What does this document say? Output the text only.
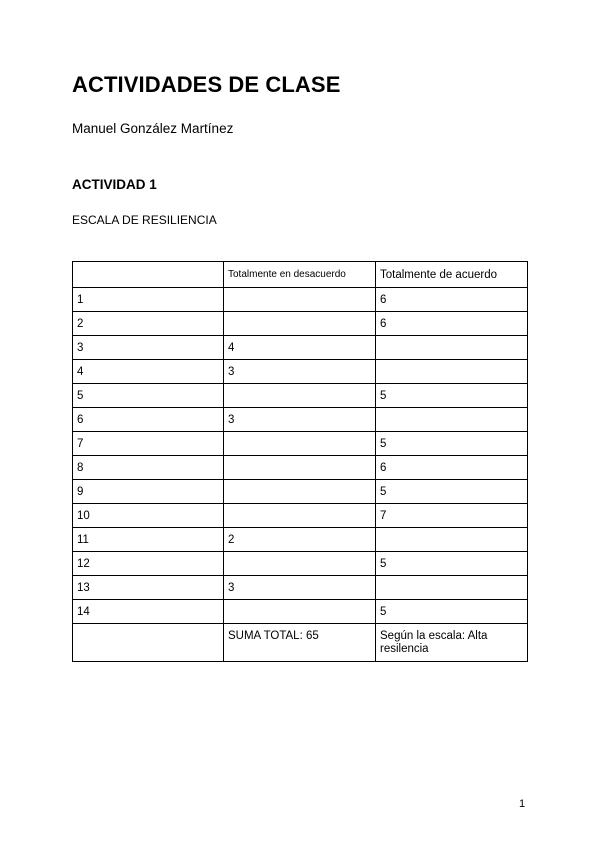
ACTIVIDADES DE CLASE

Manuel González Martínez

ACTIVIDAD 1

ESCALA DE RESILIENCIA

	Totalmente en desacuerdo	Totalmente de acuerdo
1		6
2		6
3	4	
4	3	
5		5
6	3	
7		5
8		6
9		5
10		7
11	2	
12		5
13	3	
14		5
	SUMA TOTAL: 65	Según la escala: Alta resilencia

1
